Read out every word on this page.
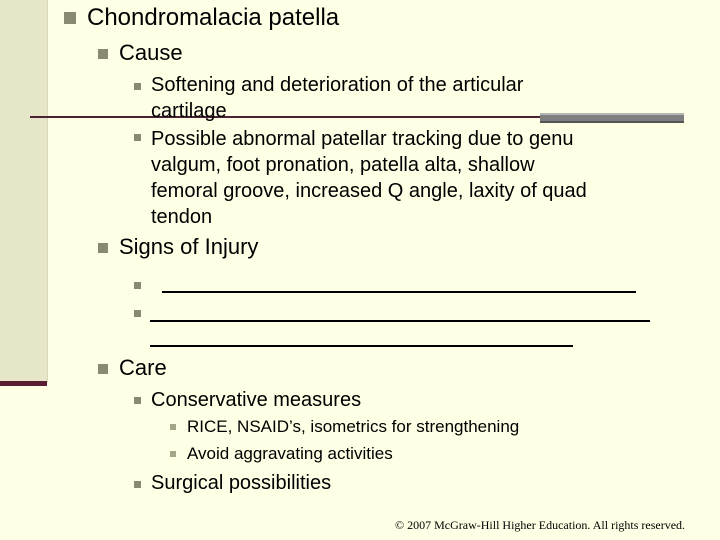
Chondromalacia patella
Cause
Softening and deterioration of the articular
cartilage
Possible abnormal patellar tracking due to genu
valgum, foot pronation, patella alta, shallow
femoral groove, increased Q angle, laxity of quad
tendon
Signs of Injury
Care
Conservative measures
RICE, NSAID’s, isometrics for strengthening
Avoid aggravating activities
Surgical possibilities
© 2007 McGraw-Hill Higher Education. All rights reserved.
